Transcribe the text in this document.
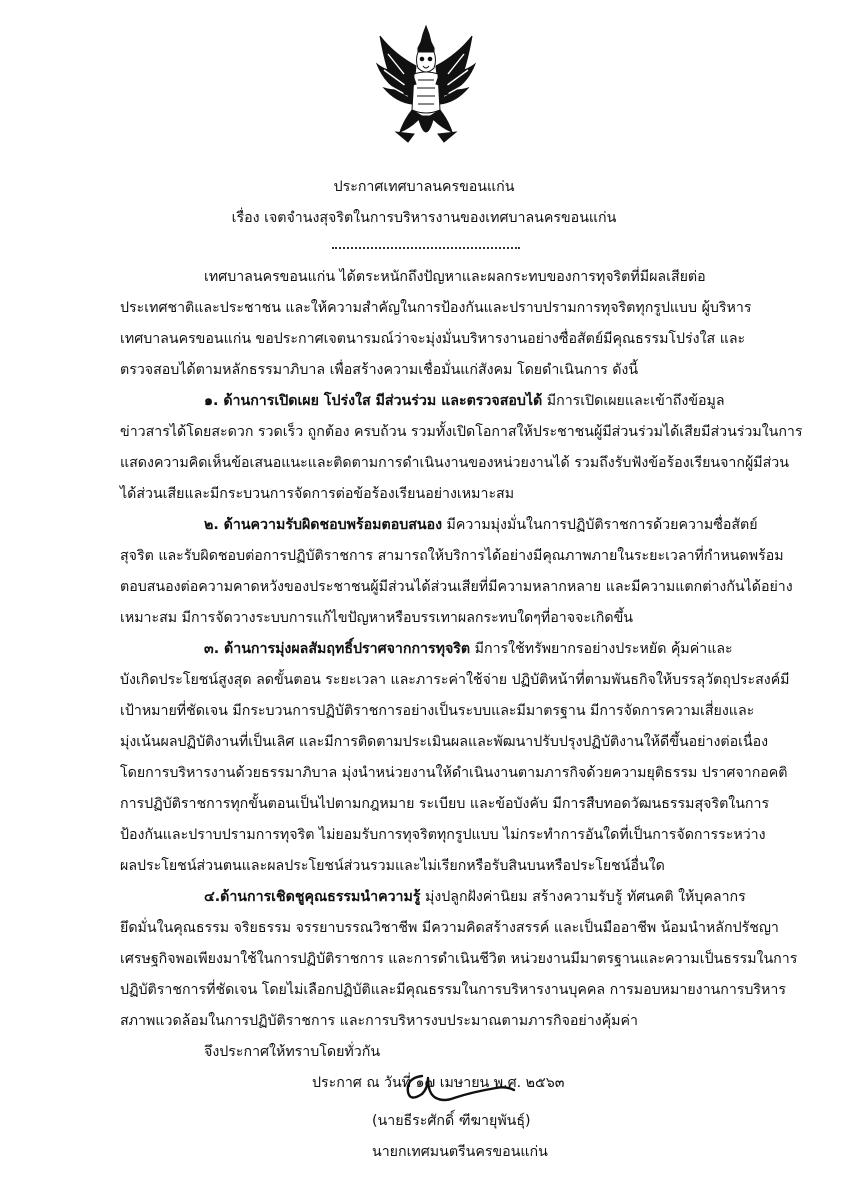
ประกาศเทศบาลนครขอนแก่น
เรื่อง เจตจำนงสุจริตในการบริหารงานของเทศบาลนครขอนแก่น
เทศบาลนครขอนแก่น ได้ตระหนักถึงปัญหาและผลกระทบของการทุจริตที่มีผลเสียต่อ
ประเทศชาติและประชาชน และให้ความสำคัญในการป้องกันและปราบปรามการทุจริตทุกรูปแบบ ผู้บริหาร
เทศบาลนครขอนแก่น ขอประกาศเจตนารมณ์ว่าจะมุ่งมั่นบริหารงานอย่างซื่อสัตย์มีคุณธรรมโปร่งใส และ
ตรวจสอบได้ตามหลักธรรมาภิบาล เพื่อสร้างความเชื่อมั่นแก่สังคม โดยดำเนินการ ดังนี้
๑. ด้านการเปิดเผย โปร่งใส มีส่วนร่วม และตรวจสอบได้ มีการเปิดเผยและเข้าถึงข้อมูล
ข่าวสารได้โดยสะดวก รวดเร็ว ถูกต้อง ครบถ้วน รวมทั้งเปิดโอกาสให้ประชาชนผู้มีส่วนร่วมได้เสียมีส่วนร่วมในการ
แสดงความคิดเห็นข้อเสนอแนะและติดตามการดำเนินงานของหน่วยงานได้ รวมถึงรับฟังข้อร้องเรียนจากผู้มีส่วน
ได้ส่วนเสียและมีกระบวนการจัดการต่อข้อร้องเรียนอย่างเหมาะสม
๒. ด้านความรับผิดชอบพร้อมตอบสนอง มีความมุ่งมั่นในการปฏิบัติราชการด้วยความซื่อสัตย์
สุจริต และรับผิดชอบต่อการปฏิบัติราชการ สามารถให้บริการได้อย่างมีคุณภาพภายในระยะเวลาที่กำหนดพร้อม
ตอบสนองต่อความคาดหวังของประชาชนผู้มีส่วนได้ส่วนเสียที่มีความหลากหลาย และมีความแตกต่างกันได้อย่าง
เหมาะสม มีการจัดวางระบบการแก้ไขปัญหาหรือบรรเทาผลกระทบใดๆที่อาจจะเกิดขึ้น
๓. ด้านการมุ่งผลสัมฤทธิ์ปราศจากการทุจริต มีการใช้ทรัพยากรอย่างประหยัด คุ้มค่าและ
บังเกิดประโยชน์สูงสุด ลดขั้นตอน ระยะเวลา และภาระค่าใช้จ่าย ปฏิบัติหน้าที่ตามพันธกิจให้บรรลุวัตถุประสงค์มี
เป้าหมายที่ชัดเจน มีกระบวนการปฏิบัติราชการอย่างเป็นระบบและมีมาตรฐาน มีการจัดการความเสี่ยงและ
มุ่งเน้นผลปฏิบัติงานที่เป็นเลิศ และมีการติดตามประเมินผลและพัฒนาปรับปรุงปฏิบัติงานให้ดีขึ้นอย่างต่อเนื่อง
โดยการบริหารงานด้วยธรรมาภิบาล มุ่งนำหน่วยงานให้ดำเนินงานตามภารกิจด้วยความยุติธรรม ปราศจากอคติ
การปฏิบัติราชการทุกขั้นตอนเป็นไปตามกฎหมาย ระเบียบ และข้อบังคับ มีการสืบทอดวัฒนธรรมสุจริตในการ
ป้องกันและปราบปรามการทุจริต ไม่ยอมรับการทุจริตทุกรูปแบบ ไม่กระทำการอันใดที่เป็นการจัดการระหว่าง
ผลประโยชน์ส่วนตนและผลประโยชน์ส่วนรวมและไม่เรียกหรือรับสินบนหรือประโยชน์อื่นใด
๔.ด้านการเชิดชูคุณธรรมนำความรู้ มุ่งปลูกฝังค่านิยม สร้างความรับรู้ ทัศนคติ ให้บุคลากร
ยึดมั่นในคุณธรรม จริยธรรม จรรยาบรรณวิชาชีพ มีความคิดสร้างสรรค์ และเป็นมืออาชีพ น้อมนำหลักปรัชญา
เศรษฐกิจพอเพียงมาใช้ในการปฏิบัติราชการ และการดำเนินชีวิต หน่วยงานมีมาตรฐานและความเป็นธรรมในการ
ปฏิบัติราชการที่ชัดเจน โดยไม่เลือกปฏิบัติและมีคุณธรรมในการบริหารงานบุคคล การมอบหมายงานการบริหาร
สภาพแวดล้อมในการปฏิบัติราชการ และการบริหารงบประมาณตามภารกิจอย่างคุ้มค่า
จึงประกาศให้ทราบโดยทั่วกัน
ประกาศ ณ วันที่ ๑๗ เมษายน พ.ศ. ๒๕๖๓
(นายธีระศักดิ์ ฑีฆายุพันธุ์)
นายกเทศมนตรีนครขอนแก่น
